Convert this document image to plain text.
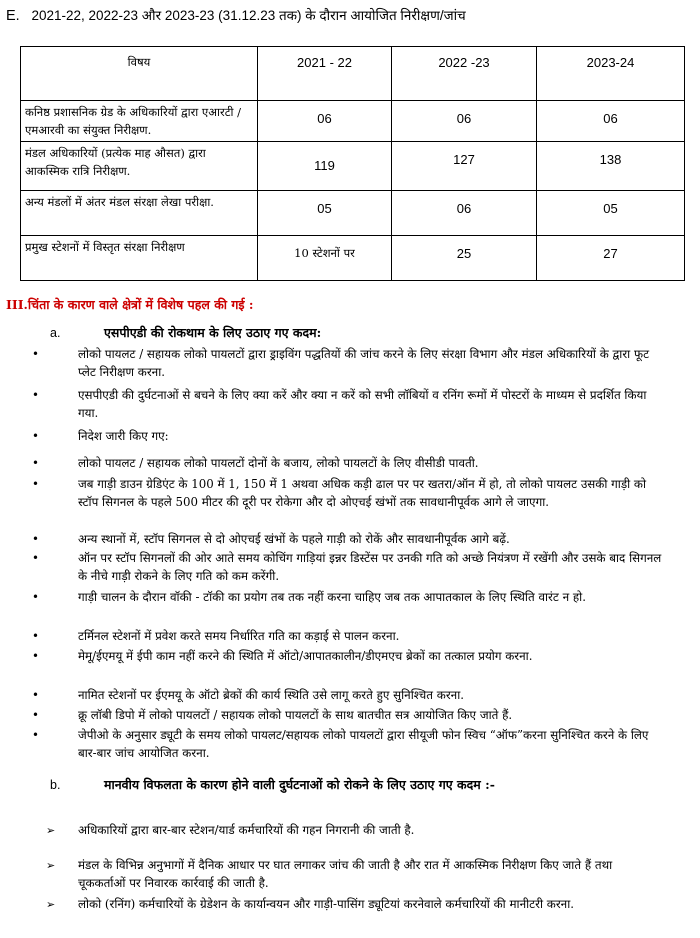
E. 2021-22, 2022-23 और 2023-23 (31.12.23 तक) के दौरान आयोजित निरीक्षण/जांच
विषय	2021 - 22	2022 -23	2023-24
कनिष्ठ प्रशासनिक ग्रेड के अधिकारियों द्वारा एआरटी / एमआरवी का संयुक्त निरीक्षण.	06	06	06
मंडल अधिकारियों (प्रत्येक माह औसत) द्वारा आकस्मिक रात्रि निरीक्षण.	119	127	138
अन्य मंडलों में अंतर मंडल संरक्षा लेखा परीक्षा.	05	06	05
प्रमुख स्टेशनों में विस्तृत संरक्षा निरीक्षण	10 स्टेशनों पर	25	27
III.चिंता के कारण वाले क्षेत्रों में विशेष पहल की गई :
a.	एसपीएडी की रोकथाम के लिए उठाए गए कदम:
•	लोको पायलट / सहायक लोको पायलटों द्वारा ड्राइविंग पद्धतियों की जांच करने के लिए संरक्षा विभाग और मंडल अधिकारियों के द्वारा फूट प्लेट निरीक्षण करना.
•	एसपीएडी की दुर्घटनाओं से बचने के लिए क्या करें और क्या न करें को सभी लॉबियों व रनिंग रूमों में पोस्टरों के माध्यम से प्रदर्शित किया गया.
•	निदेश जारी किए गए:
•	लोको पायलट / सहायक लोको पायलटों दोनों के बजाय, लोको पायलटों के लिए वीसीडी पावती.
•	जब गाड़ी डाउन ग्रेडिएंट के 100 में 1, 150 में 1 अथवा अधिक कड़ी ढाल पर पर खतरा/ऑन में हो, तो लोको पायलट उसकी गाड़ी को स्टॉप सिगनल के पहले 500 मीटर की दूरी पर रोकेगा और दो ओएचई खंभों तक सावधानीपूर्वक आगे ले जाएगा.
•	अन्य स्थानों में, स्टॉप सिगनल से दो ओएचई खंभों के पहले गाड़ी को रोकें और सावधानीपूर्वक आगे बढ़ें.
•	ऑन पर स्टॉप सिगनलों की ओर आते समय कोचिंग गाड़ियां इन्नर डिस्टेंस पर उनकी गति को अच्छे नियंत्रण में रखेंगी और उसके बाद सिगनल के नीचे गाड़ी रोकने के लिए गति को कम करेंगी.
•	गाड़ी चालन के दौरान वॉकी - टॉकी का प्रयोग तब तक नहीं करना चाहिए जब तक आपातकाल के लिए स्थिति वारंट न हो.
•	टर्मिनल स्टेशनों में प्रवेश करते समय निर्धारित गति का कड़ाई से पालन करना.
•	मेमू/ईएमयू में ईपी काम नहीं करने की स्थिति में ऑटो/आपातकालीन/डीएमएच ब्रेकों का तत्काल प्रयोग करना.
•	नामित स्टेशनों पर ईएमयू के ऑटो ब्रेकों की कार्य स्थिति उसे लागू करते हुए सुनिश्चित करना.
•	क्रू लॉबी डिपो में लोको पायलटों / सहायक लोको पायलटों के साथ बातचीत सत्र आयोजित किए जाते हैं.
•	जेपीओ के अनुसार ड्यूटी के समय लोको पायलट/सहायक लोको पायलटों द्वारा सीयूजी फोन स्विच “ऑफ”करना सुनिश्चित करने के लिए बार-बार जांच आयोजित करना.
b.	मानवीय विफलता के कारण होने वाली दुर्घटनाओं को रोकने के लिए उठाए गए कदम :-
➢	अधिकारियों द्वारा बार-बार स्टेशन/यार्ड कर्मचारियों की गहन निगरानी की जाती है.
➢	मंडल के विभिन्न अनुभागों में दैनिक आधार पर घात लगाकर जांच की जाती है और रात में आकस्मिक निरीक्षण किए जाते हैं तथा चूककर्ताओं पर निवारक कार्रवाई की जाती है.
➢	लोको (रनिंग) कर्मचारियों के ग्रेडेशन के कार्यान्वयन और गाड़ी-पासिंग ड्यूटियां करनेवाले कर्मचारियों की मानीटरी करना.
